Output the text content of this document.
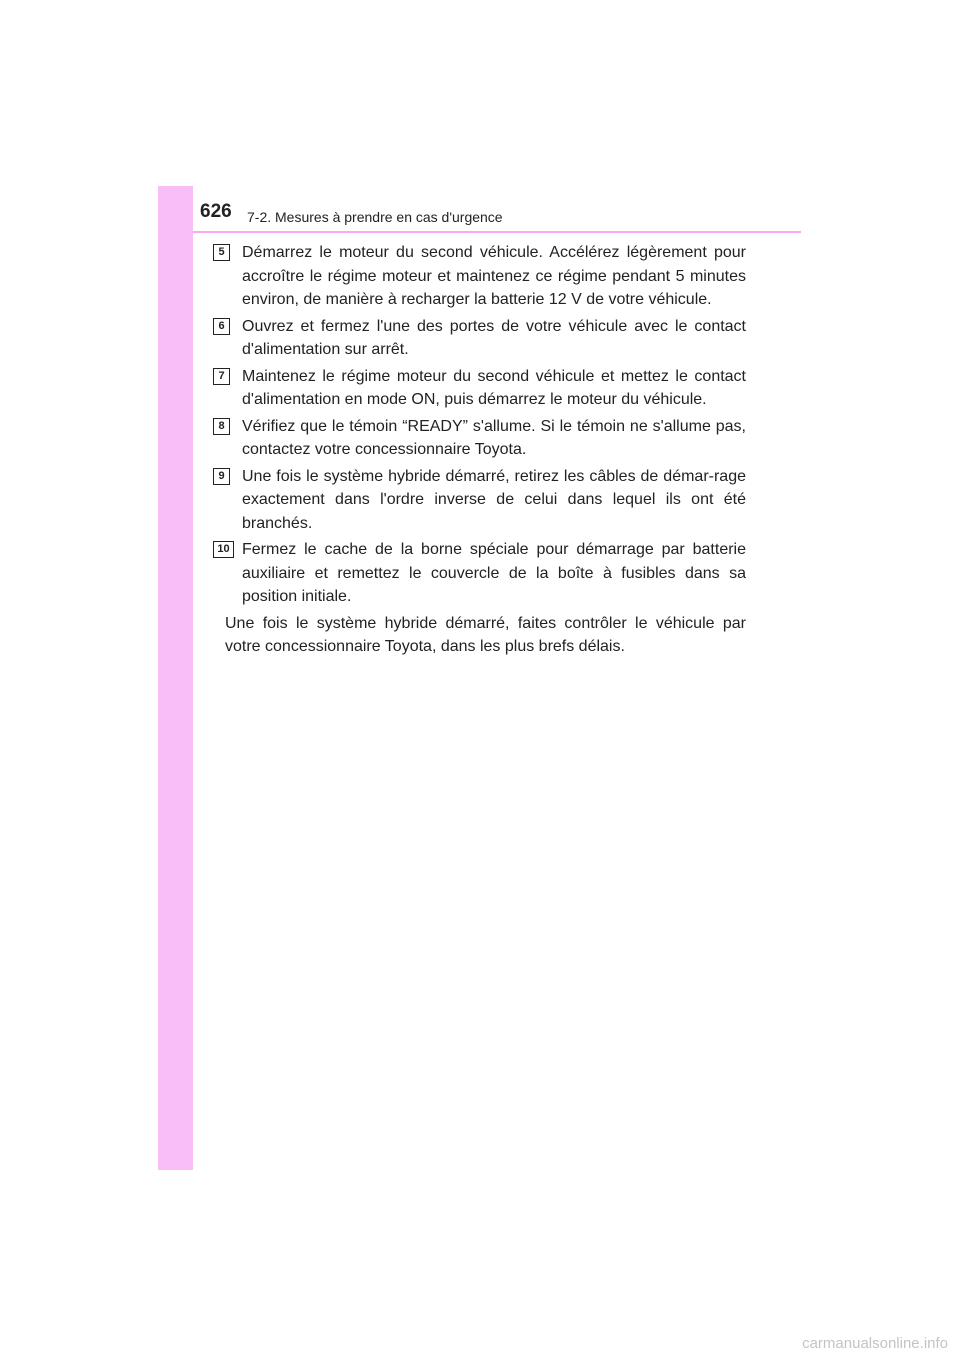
626 7-2. Mesures à prendre en cas d'urgence
5	Démarrez le moteur du second véhicule. Accélérez légèrement pour accroître le régime moteur et maintenez ce régime pendant 5 minutes environ, de manière à recharger la batterie 12 V de votre véhicule.
6	Ouvrez et fermez l'une des portes de votre véhicule avec le contact d'alimentation sur arrêt.
7	Maintenez le régime moteur du second véhicule et mettez le contact d'alimentation en mode ON, puis démarrez le moteur du véhicule.
8	Vérifiez que le témoin “READY” s'allume. Si le témoin ne s'allume pas, contactez votre concessionnaire Toyota.
9	Une fois le système hybride démarré, retirez les câbles de démar-rage exactement dans l'ordre inverse de celui dans lequel ils ont été branchés.
10 Fermez le cache de la borne spéciale pour démarrage par batterie auxiliaire et remettez le couvercle de la boîte à fusibles dans sa position initiale.
Une fois le système hybride démarré, faites contrôler le véhicule par votre concessionnaire Toyota, dans les plus brefs délais.
carmanualsonline.info
